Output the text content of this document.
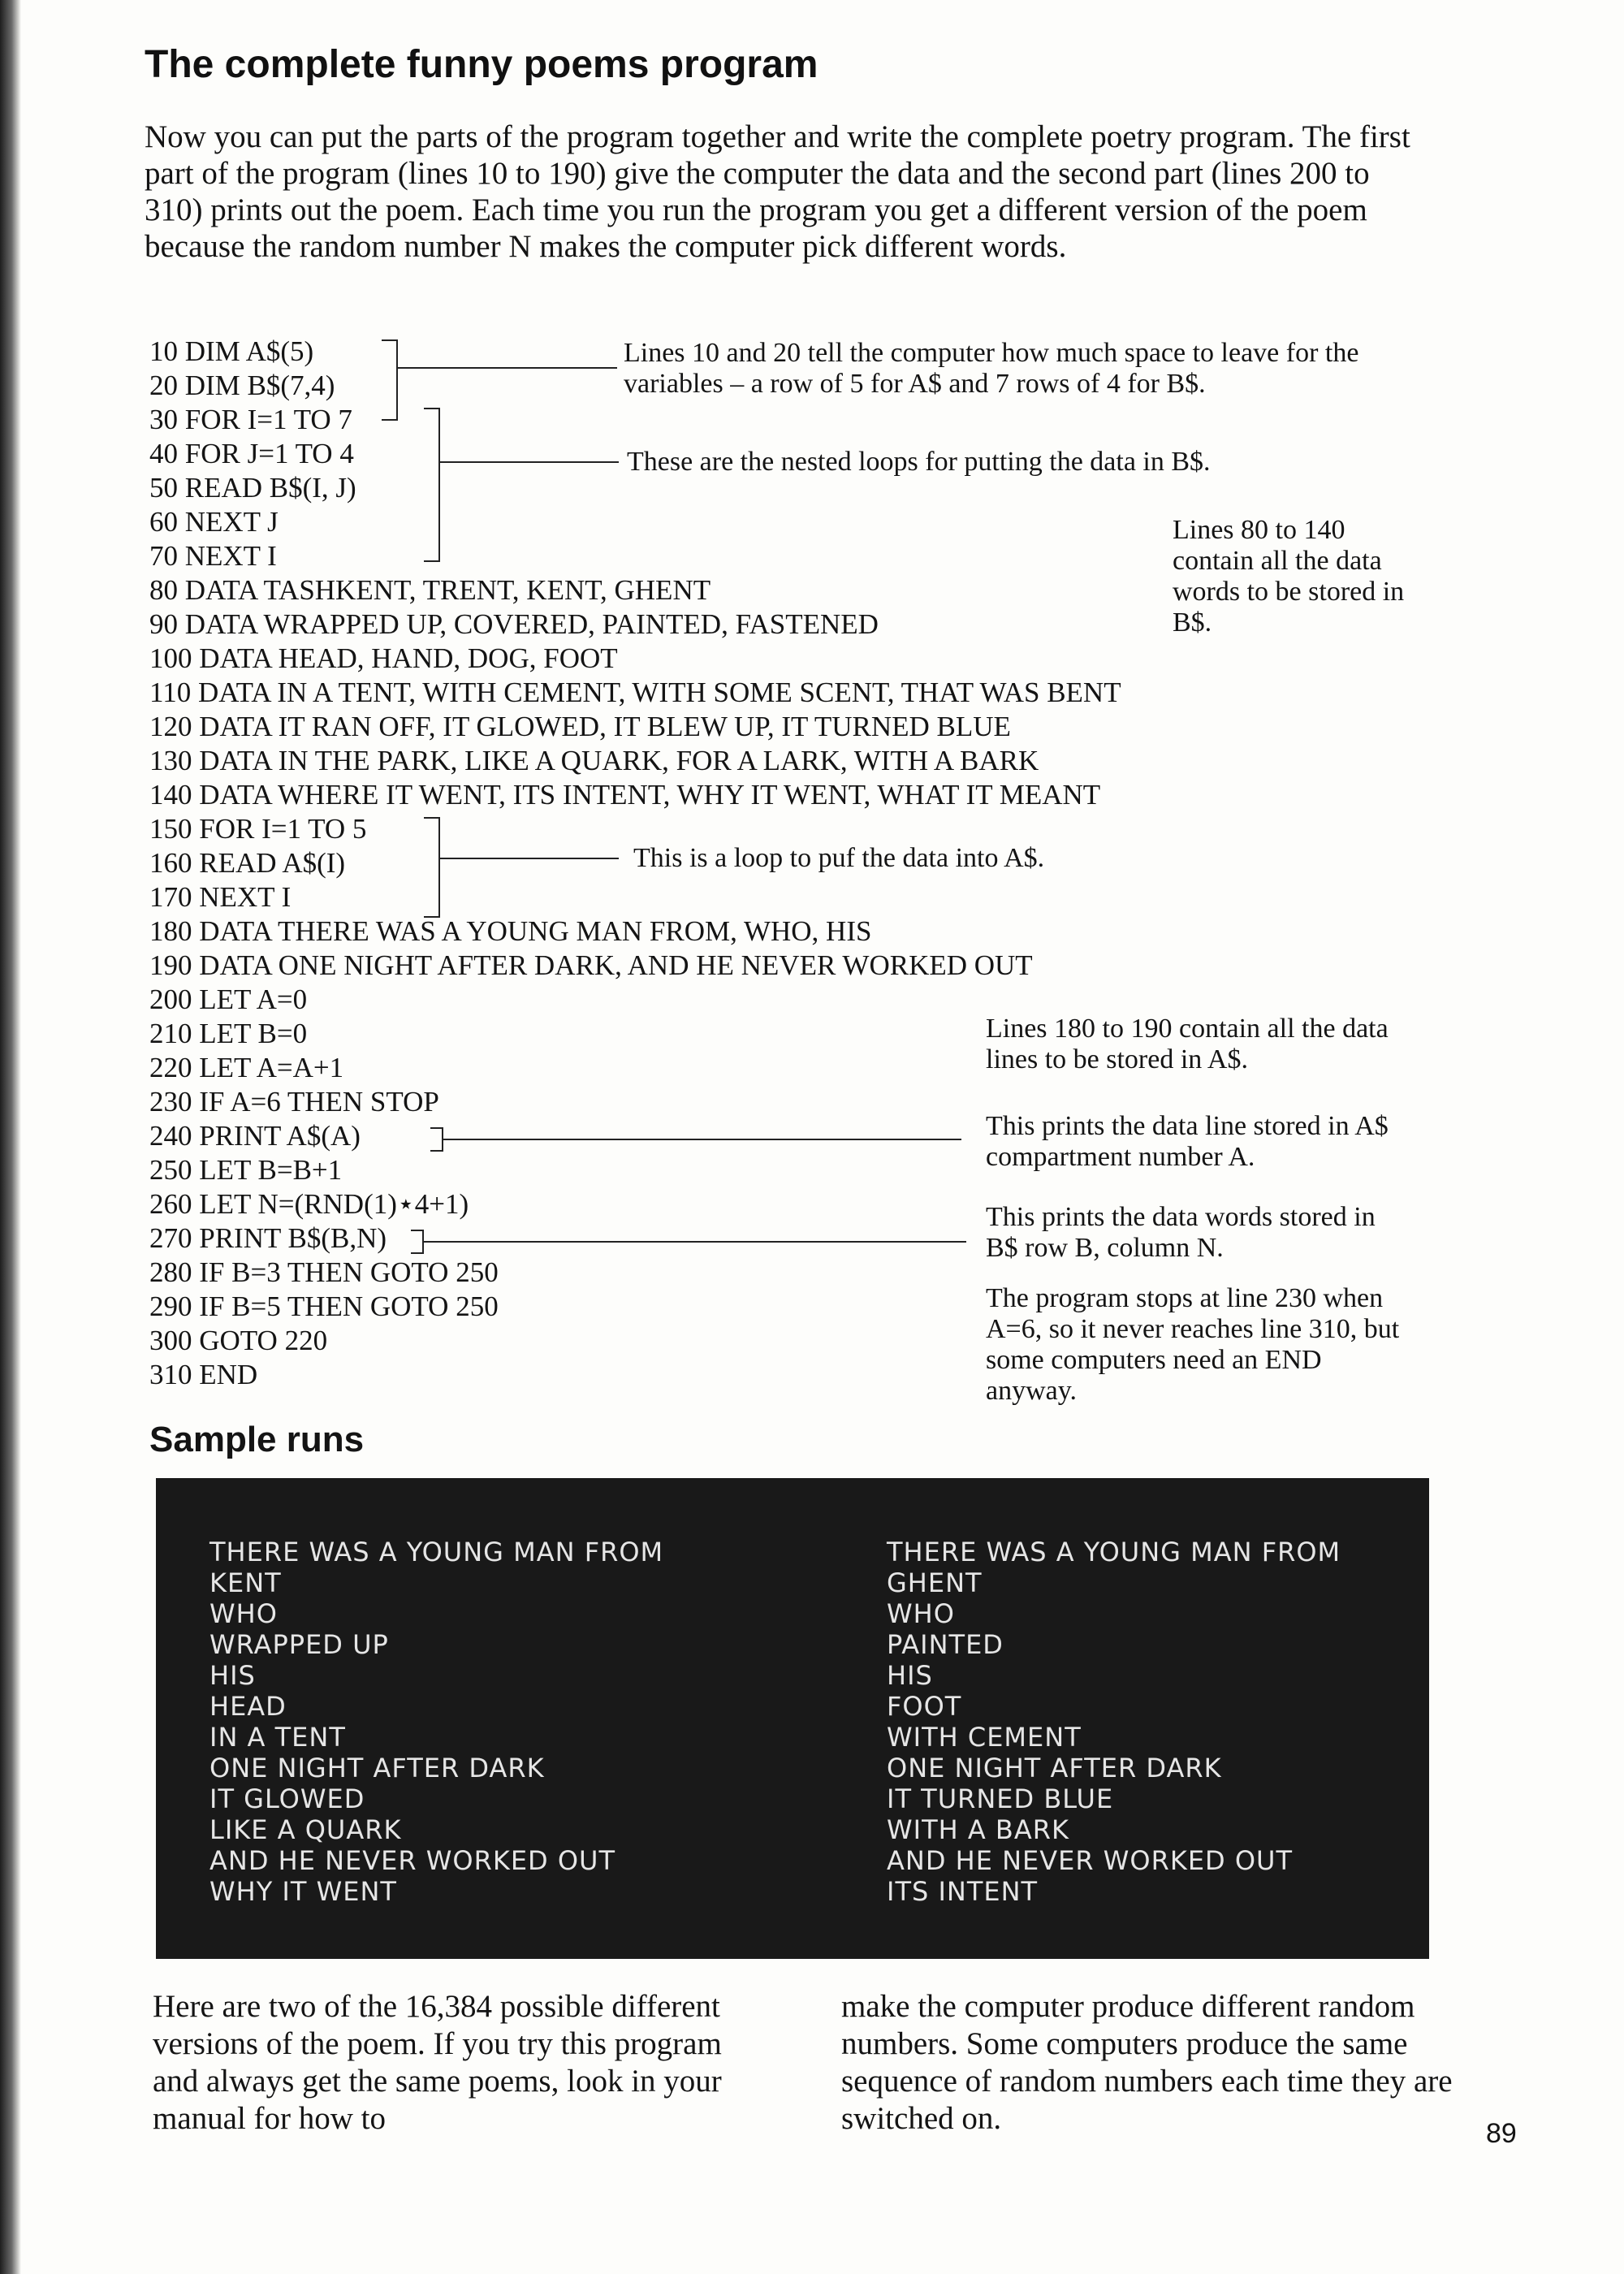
The complete funny poems program

Now you can put the parts of the program together and write the complete poetry program. The first part of the program (lines 10 to 190) give the computer the data and the second part (lines 200 to 310) prints out the poem. Each time you run the program you get a different version of the poem because the random number N makes the computer pick different words.

10 DIM A$(5)

20 DIM B$(7,4)

30 FOR I=1 TO 7

40 FOR J=1 TO 4

50 READ B$(I, J)

60 NEXT J

70 NEXT I

80 DATA TASHKENT, TRENT, KENT, GHENT

90 DATA WRAPPED UP, COVERED, PAINTED, FASTENED

100 DATA HEAD, HAND, DOG, FOOT

110 DATA IN A TENT, WITH CEMENT, WITH SOME SCENT, THAT WAS BENT

120 DATA IT RAN OFF, IT GLOWED, IT BLEW UP, IT TURNED BLUE

130 DATA IN THE PARK, LIKE A QUARK, FOR A LARK, WITH A BARK

140 DATA WHERE IT WENT, ITS INTENT, WHY IT WENT, WHAT IT MEANT

150 FOR I=1 TO 5

160 READ A$(I)

170 NEXT I

180 DATA THERE WAS A YOUNG MAN FROM, WHO, HIS

190 DATA ONE NIGHT AFTER DARK, AND HE NEVER WORKED OUT

200 LET A=0

210 LET B=0

220 LET A=A+1

230 IF A=6 THEN STOP

240 PRINT A$(A)

250 LET B=B+1

260 LET N=(RND(1)⋆4+1)

270 PRINT B$(B,N)

280 IF B=3 THEN GOTO 250

290 IF B=5 THEN GOTO 250

300 GOTO 220

310 END

Lines 10 and 20 tell the computer how much space to leave for the variables – a row of 5 for A$ and 7 rows of 4 for B$.

These are the nested loops for putting the data in B$.

Lines 80 to 140 contain all the data words to be stored in B$.

This is a loop to puf the data into A$.

Lines 180 to 190 contain all the data lines to be stored in A$.

This prints the data line stored in A$ compartment number A.

This prints the data words stored in B$ row B, column N.

The program stops at line 230 when A=6, so it never reaches line 310, but some computers need an END anyway.

Sample runs
THERE WAS A YOUNG MAN FROM
KENT
WHO
WRAPPED UP
HIS
HEAD
IN A TENT
ONE NIGHT AFTER DARK
IT GLOWED
LIKE A QUARK
AND HE NEVER WORKED OUT
WHY IT WENT
THERE WAS A YOUNG MAN FROM
GHENT
WHO
PAINTED
HIS
FOOT
WITH CEMENT
ONE NIGHT AFTER DARK
IT TURNED BLUE
WITH A BARK
AND HE NEVER WORKED OUT
ITS INTENT

Here are two of the 16,384 possible different versions of the poem. If you try this program and always get the same poems, look in your manual for how to

make the computer produce different random numbers. Some computers produce the same sequence of random numbers each time they are switched on.	89
